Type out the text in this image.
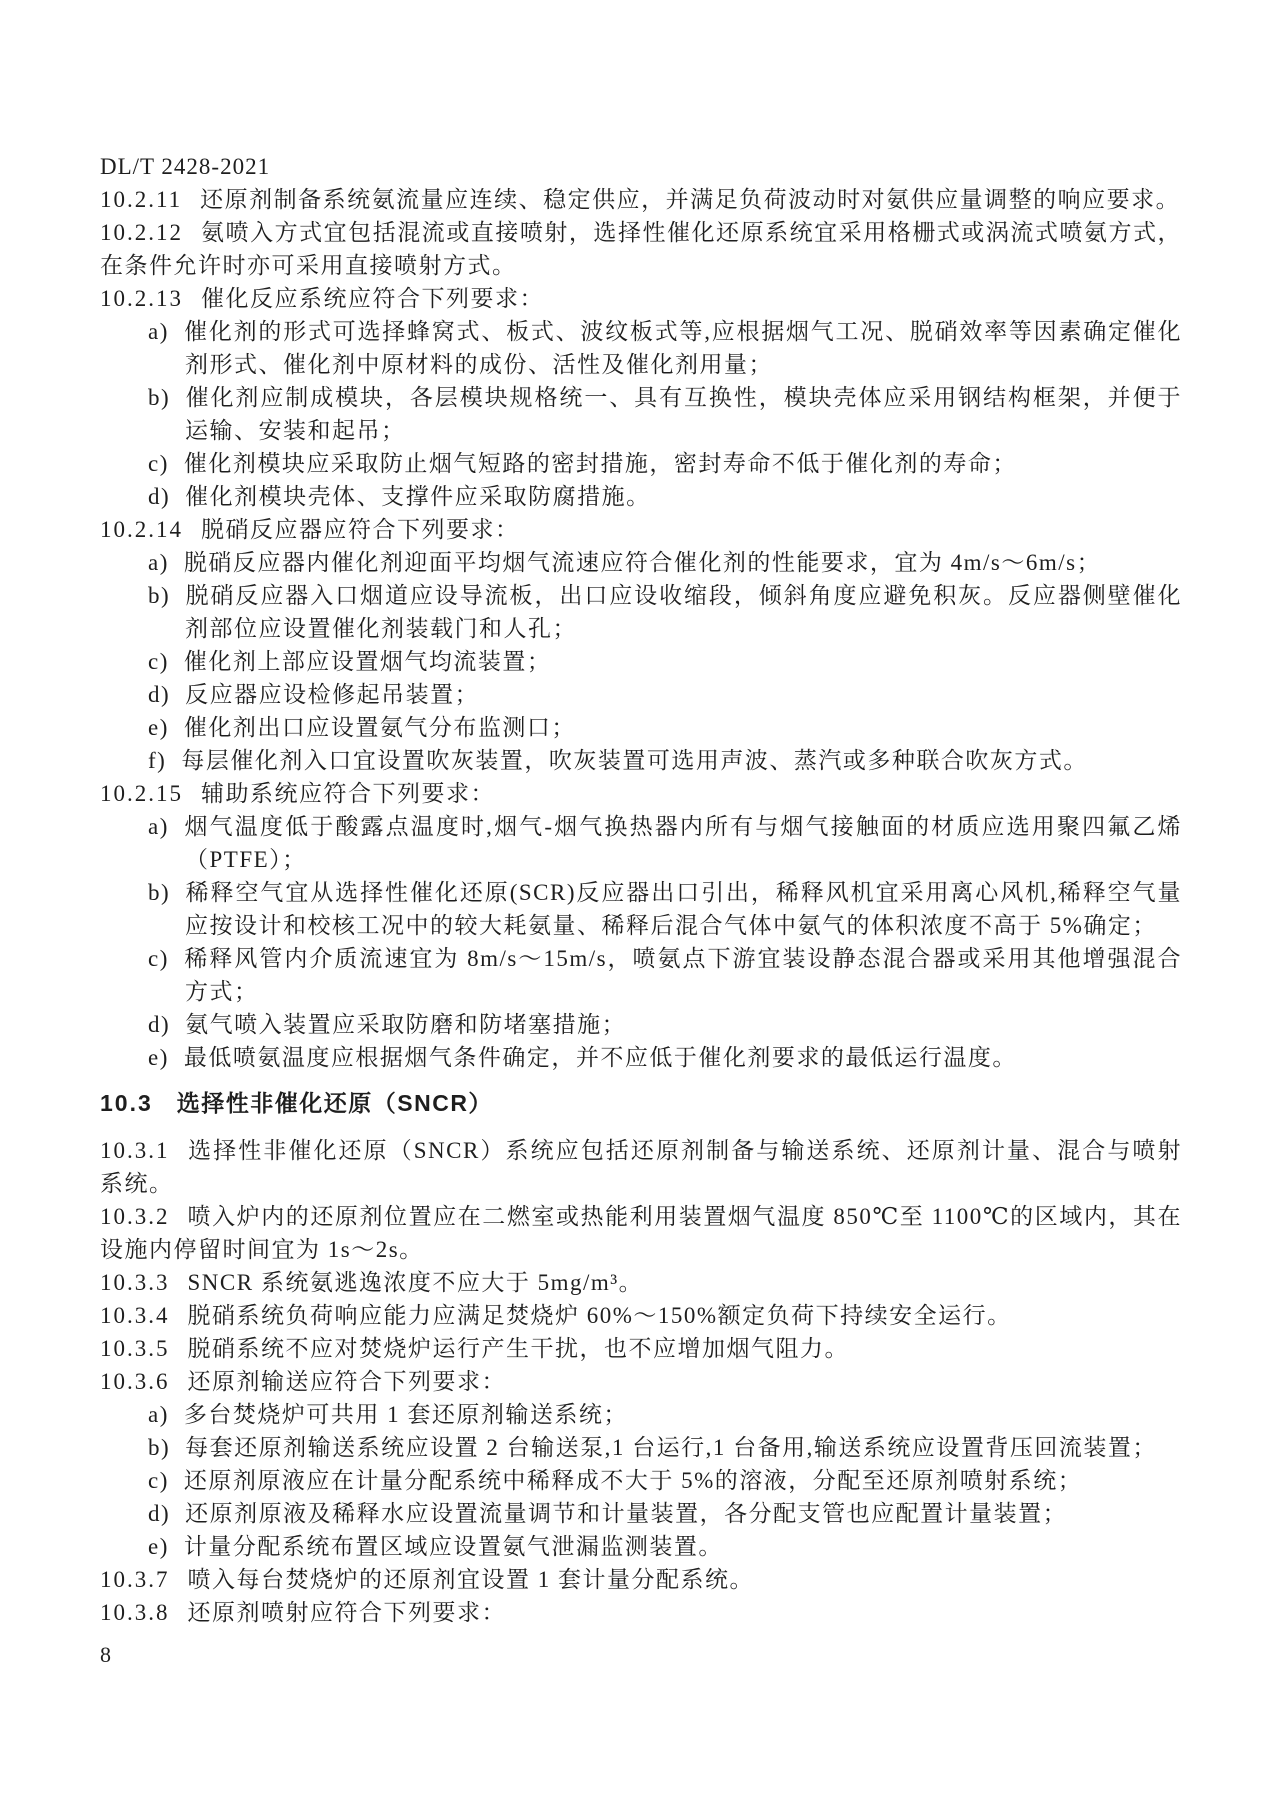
DL/T 2428-2021

10.2.11 还原剂制备系统氨流量应连续、稳定供应，并满足负荷波动时对氨供应量调整的响应要求。

10.2.12 氨喷入方式宜包括混流或直接喷射，选择性催化还原系统宜采用格栅式或涡流式喷氨方式，在条件允许时亦可采用直接喷射方式。

10.2.13 催化反应系统应符合下列要求：

a) 催化剂的形式可选择蜂窝式、板式、波纹板式等,应根据烟气工况、脱硝效率等因素确定催化剂形式、催化剂中原材料的成份、活性及催化剂用量；

b) 催化剂应制成模块，各层模块规格统一、具有互换性，模块壳体应采用钢结构框架，并便于运输、安装和起吊；

c) 催化剂模块应采取防止烟气短路的密封措施，密封寿命不低于催化剂的寿命；

d) 催化剂模块壳体、支撑件应采取防腐措施。

10.2.14 脱硝反应器应符合下列要求：

a) 脱硝反应器内催化剂迎面平均烟气流速应符合催化剂的性能要求，宜为 4m/s～6m/s；

b) 脱硝反应器入口烟道应设导流板，出口应设收缩段，倾斜角度应避免积灰。反应器侧壁催化剂部位应设置催化剂装载门和人孔；

c) 催化剂上部应设置烟气均流装置；

d) 反应器应设检修起吊装置；

e) 催化剂出口应设置氨气分布监测口；

f) 每层催化剂入口宜设置吹灰装置，吹灰装置可选用声波、蒸汽或多种联合吹灰方式。

10.2.15 辅助系统应符合下列要求：

a) 烟气温度低于酸露点温度时,烟气-烟气换热器内所有与烟气接触面的材质应选用聚四氟乙烯（PTFE）；

b) 稀释空气宜从选择性催化还原(SCR)反应器出口引出，稀释风机宜采用离心风机,稀释空气量应按设计和校核工况中的较大耗氨量、稀释后混合气体中氨气的体积浓度不高于 5%确定；

c) 稀释风管内介质流速宜为 8m/s～15m/s，喷氨点下游宜装设静态混合器或采用其他增强混合方式；

d) 氨气喷入装置应采取防磨和防堵塞措施；

e) 最低喷氨温度应根据烟气条件确定，并不应低于催化剂要求的最低运行温度。

10.3 选择性非催化还原（SNCR）

10.3.1 选择性非催化还原（SNCR）系统应包括还原剂制备与输送系统、还原剂计量、混合与喷射系统。

10.3.2 喷入炉内的还原剂位置应在二燃室或热能利用装置烟气温度 850℃至 1100℃的区域内，其在设施内停留时间宜为 1s～2s。

10.3.3 SNCR 系统氨逃逸浓度不应大于 5mg/m³。

10.3.4 脱硝系统负荷响应能力应满足焚烧炉 60%～150%额定负荷下持续安全运行。

10.3.5 脱硝系统不应对焚烧炉运行产生干扰，也不应增加烟气阻力。

10.3.6 还原剂输送应符合下列要求：

a) 多台焚烧炉可共用 1 套还原剂输送系统；

b) 每套还原剂输送系统应设置 2 台输送泵,1 台运行,1 台备用,输送系统应设置背压回流装置；

c) 还原剂原液应在计量分配系统中稀释成不大于 5%的溶液，分配至还原剂喷射系统；

d) 还原剂原液及稀释水应设置流量调节和计量装置，各分配支管也应配置计量装置；

e) 计量分配系统布置区域应设置氨气泄漏监测装置。

10.3.7 喷入每台焚烧炉的还原剂宜设置 1 套计量分配系统。

10.3.8 还原剂喷射应符合下列要求：

8
